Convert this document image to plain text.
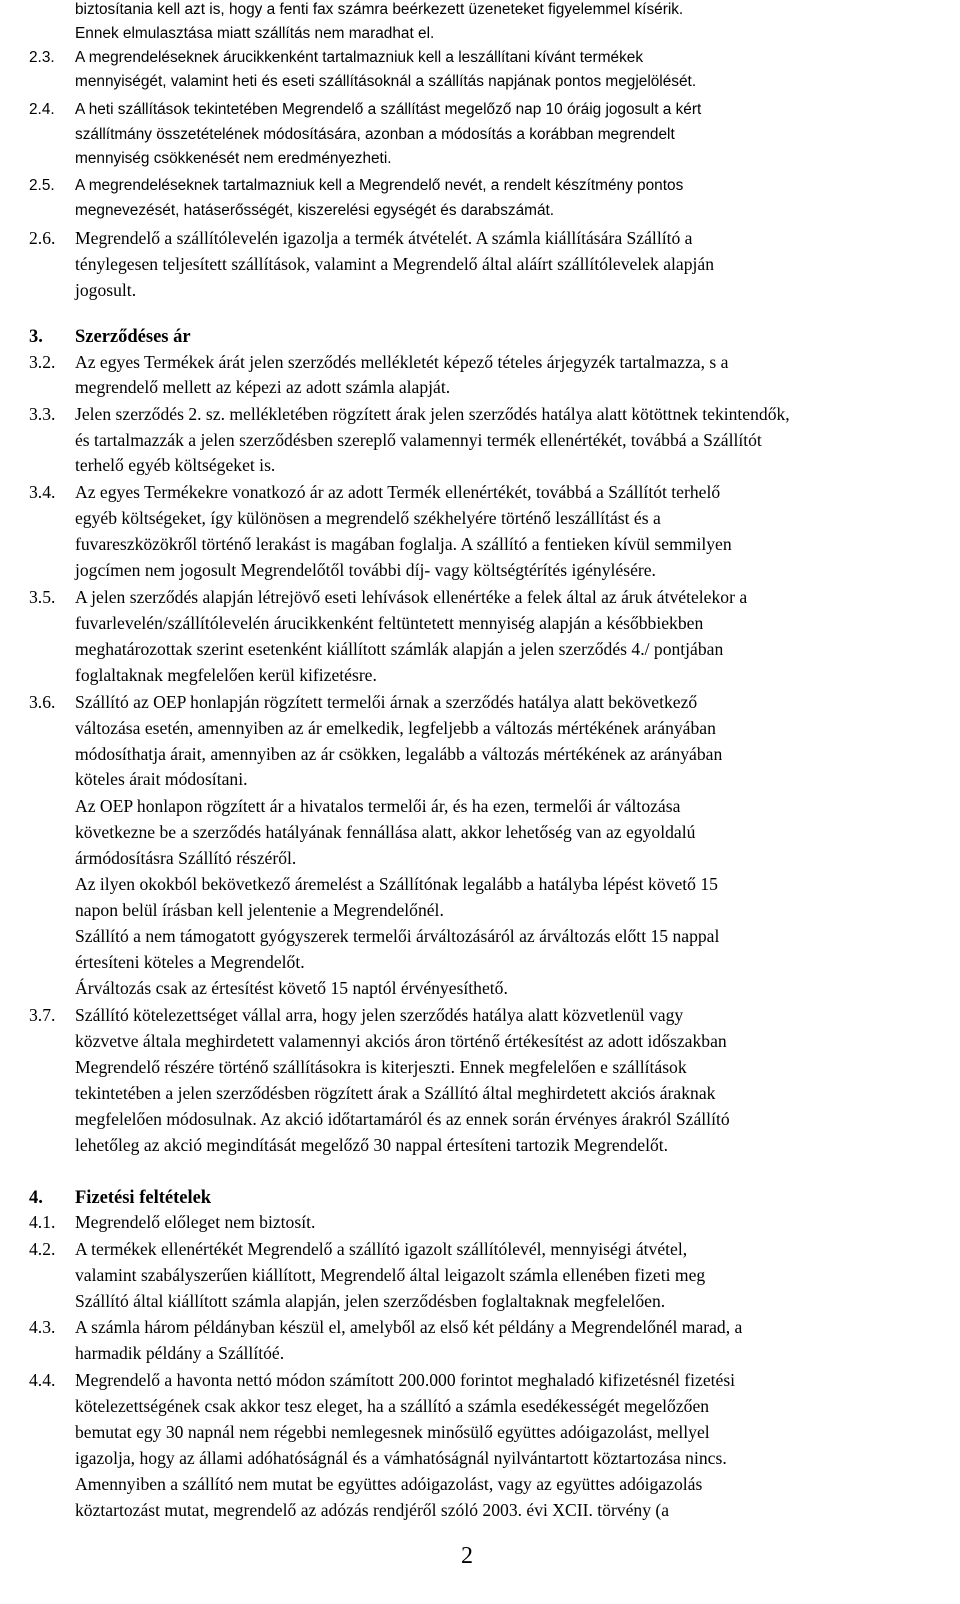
biztosítania kell azt is, hogy a fenti fax számra beérkezett üzeneteket figyelemmel kísérik.
Ennek elmulasztása miatt szállítás nem maradhat el.
2.3. A megrendeléseknek árucikkenként tartalmazniuk kell a leszállítani kívánt termékek
mennyiségét, valamint heti és eseti szállításoknál a szállítás napjának pontos megjelölését.
2.4. A heti szállítások tekintetében Megrendelő a szállítást megelőző nap 10 óráig jogosult a kért
szállítmány összetételének módosítására, azonban a módosítás a korábban megrendelt
mennyiség csökkenését nem eredményezheti.
2.5. A megrendeléseknek tartalmazniuk kell a Megrendelő nevét, a rendelt készítmény pontos
megnevezését, hatáserősségét, kiszerelési egységét és darabszámát.
2.6. Megrendelő a szállítólevelén igazolja a termék átvételét. A számla kiállítására Szállító a
ténylegesen teljesített szállítások, valamint a Megrendelő által aláírt szállítólevelek alapján
jogosult.
3. Szerződéses ár
3.2. Az egyes Termékek árát jelen szerződés mellékletét képező tételes árjegyzék tartalmazza, s a
megrendelő mellett az képezi az adott számla alapját.
3.3. Jelen szerződés 2. sz. mellékletében rögzített árak jelen szerződés hatálya alatt kötöttnek tekintendők,
és tartalmazzák a jelen szerződésben szereplő valamennyi termék ellenértékét, továbbá a Szállítót
terhelő egyéb költségeket is.
3.4. Az egyes Termékekre vonatkozó ár az adott Termék ellenértékét, továbbá a Szállítót terhelő
egyéb költségeket, így különösen a megrendelő székhelyére történő leszállítást és a
fuvareszközökről történő lerakást is magában foglalja. A szállító a fentieken kívül semmilyen
jogcímen nem jogosult Megrendelőtől további díj- vagy költségtérítés igénylésére.
3.5. A jelen szerződés alapján létrejövő eseti lehívások ellenértéke a felek által az áruk átvételekor a
fuvarlevelén/szállítólevelén árucikkenként feltüntetett mennyiség alapján a későbbiekben
meghatározottak szerint esetenként kiállított számlák alapján a jelen szerződés 4./ pontjában
foglaltaknak megfelelően kerül kifizetésre.
3.6. Szállító az OEP honlapján rögzített termelői árnak a szerződés hatálya alatt bekövetkező
változása esetén, amennyiben az ár emelkedik, legfeljebb a változás mértékének arányában
módosíthatja árait, amennyiben az ár csökken, legalább a változás mértékének az arányában
köteles árait módosítani.
Az OEP honlapon rögzített ár a hivatalos termelői ár, és ha ezen, termelői ár változása
következne be a szerződés hatályának fennállása alatt, akkor lehetőség van az egyoldalú
ármódosításra Szállító részéről.
Az ilyen okokból bekövetkező áremelést a Szállítónak legalább a hatályba lépést követő 15
napon belül írásban kell jelentenie a Megrendelőnél.
Szállító a nem támogatott gyógyszerek termelői árváltozásáról az árváltozás előtt 15 nappal
értesíteni köteles a Megrendelőt.
Árváltozás csak az értesítést követő 15 naptól érvényesíthető.
3.7. Szállító kötelezettséget vállal arra, hogy jelen szerződés hatálya alatt közvetlenül vagy
közvetve általa meghirdetett valamennyi akciós áron történő értékesítést az adott időszakban
Megrendelő részére történő szállításokra is kiterjeszti. Ennek megfelelően e szállítások
tekintetében a jelen szerződésben rögzített árak a Szállító által meghirdetett akciós áraknak
megfelelően módosulnak. Az akció időtartamáról és az ennek során érvényes árakról Szállító
lehetőleg az akció megindítását megelőző 30 nappal értesíteni tartozik Megrendelőt.
4. Fizetési feltételek
4.1. Megrendelő előleget nem biztosít.
4.2. A termékek ellenértékét Megrendelő a szállító igazolt szállítólevél, mennyiségi átvétel,
valamint szabályszerűen kiállított, Megrendelő által leigazolt számla ellenében fizeti meg
Szállító által kiállított számla alapján, jelen szerződésben foglaltaknak megfelelően.
4.3. A számla három példányban készül el, amelyből az első két példány a Megrendelőnél marad, a
harmadik példány a Szállítóé.
4.4. Megrendelő a havonta nettó módon számított 200.000 forintot meghaladó kifizetésnél fizetési
kötelezettségének csak akkor tesz eleget, ha a szállító a számla esedékességét megelőzően
bemutat egy 30 napnál nem régebbi nemlegesnek minősülő együttes adóigazolást, mellyel
igazolja, hogy az állami adóhatóságnál és a vámhatóságnál nyilvántartott köztartozása nincs.
Amennyiben a szállító nem mutat be együttes adóigazolást, vagy az együttes adóigazolás
köztartozást mutat, megrendelő az adózás rendjéről szóló 2003. évi XCII. törvény (a
2
